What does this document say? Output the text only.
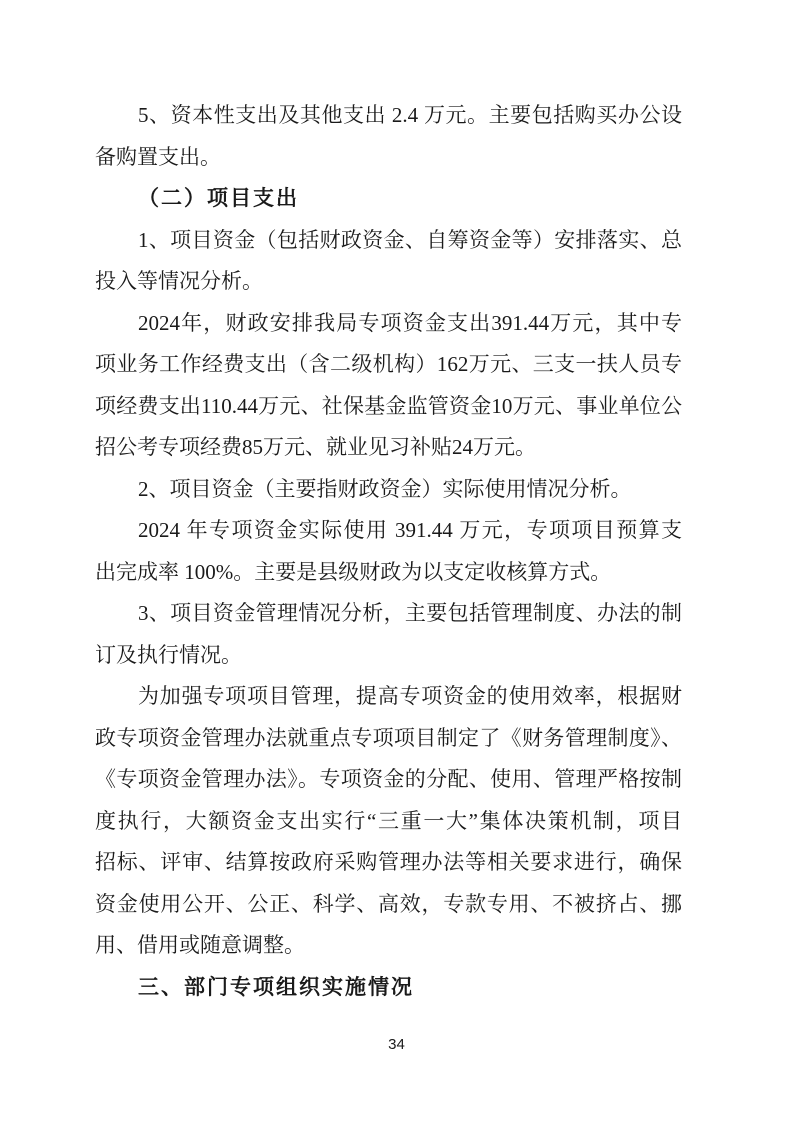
5、资本性支出及其他支出 2.4 万元。主要包括购买办公设
备购置支出。
（二）项目支出
1、项目资金（包括财政资金、自筹资金等）安排落实、总
投入等情况分析。
2024年，财政安排我局专项资金支出391.44万元，其中专
项业务工作经费支出（含二级机构）162万元、三支一扶人员专
项经费支出110.44万元、社保基金监管资金10万元、事业单位公
招公考专项经费85万元、就业见习补贴24万元。
2、项目资金（主要指财政资金）实际使用情况分析。
2024 年专项资金实际使用 391.44 万元，专项项目预算支
出完成率 100%。主要是县级财政为以支定收核算方式。
3、项目资金管理情况分析，主要包括管理制度、办法的制
订及执行情况。
为加强专项项目管理，提高专项资金的使用效率，根据财
政专项资金管理办法就重点专项项目制定了《财务管理制度》、
《专项资金管理办法》。专项资金的分配、使用、管理严格按制
度执行，大额资金支出实行“三重一大”集体决策机制，项目
招标、评审、结算按政府采购管理办法等相关要求进行，确保
资金使用公开、公正、科学、高效，专款专用、不被挤占、挪
用、借用或随意调整。
三、部门专项组织实施情况
34
